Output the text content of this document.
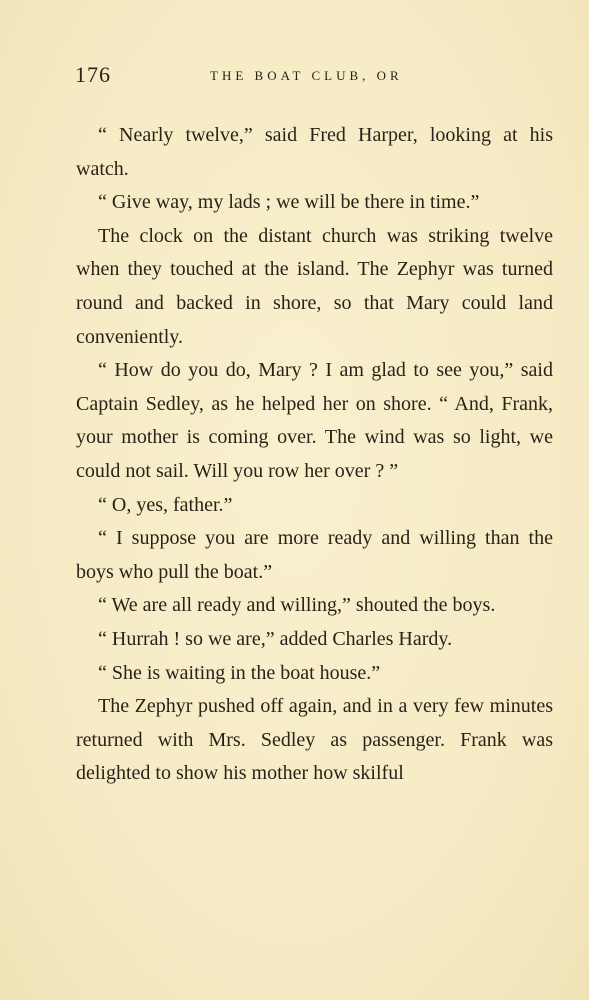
176	THE BOAT CLUB, OR

“ Nearly twelve,” said Fred Harper, looking at his watch.

“ Give way, my lads ; we will be there in time.”

The clock on the distant church was striking twelve when they touched at the island. The Zephyr was turned round and backed in shore, so that Mary could land conveniently.

“ How do you do, Mary ? I am glad to see you,” said Captain Sedley, as he helped her on shore. “ And, Frank, your mother is coming over. The wind was so light, we could not sail. Will you row her over ? ”

“ O, yes, father.”

“ I suppose you are more ready and willing than the boys who pull the boat.”

“ We are all ready and willing,” shouted the boys.

“ Hurrah ! so we are,” added Charles Hardy.

“ She is waiting in the boat house.”

The Zephyr pushed off again, and in a very few minutes returned with Mrs. Sedley as passenger. Frank was delighted to show his mother how skilful
